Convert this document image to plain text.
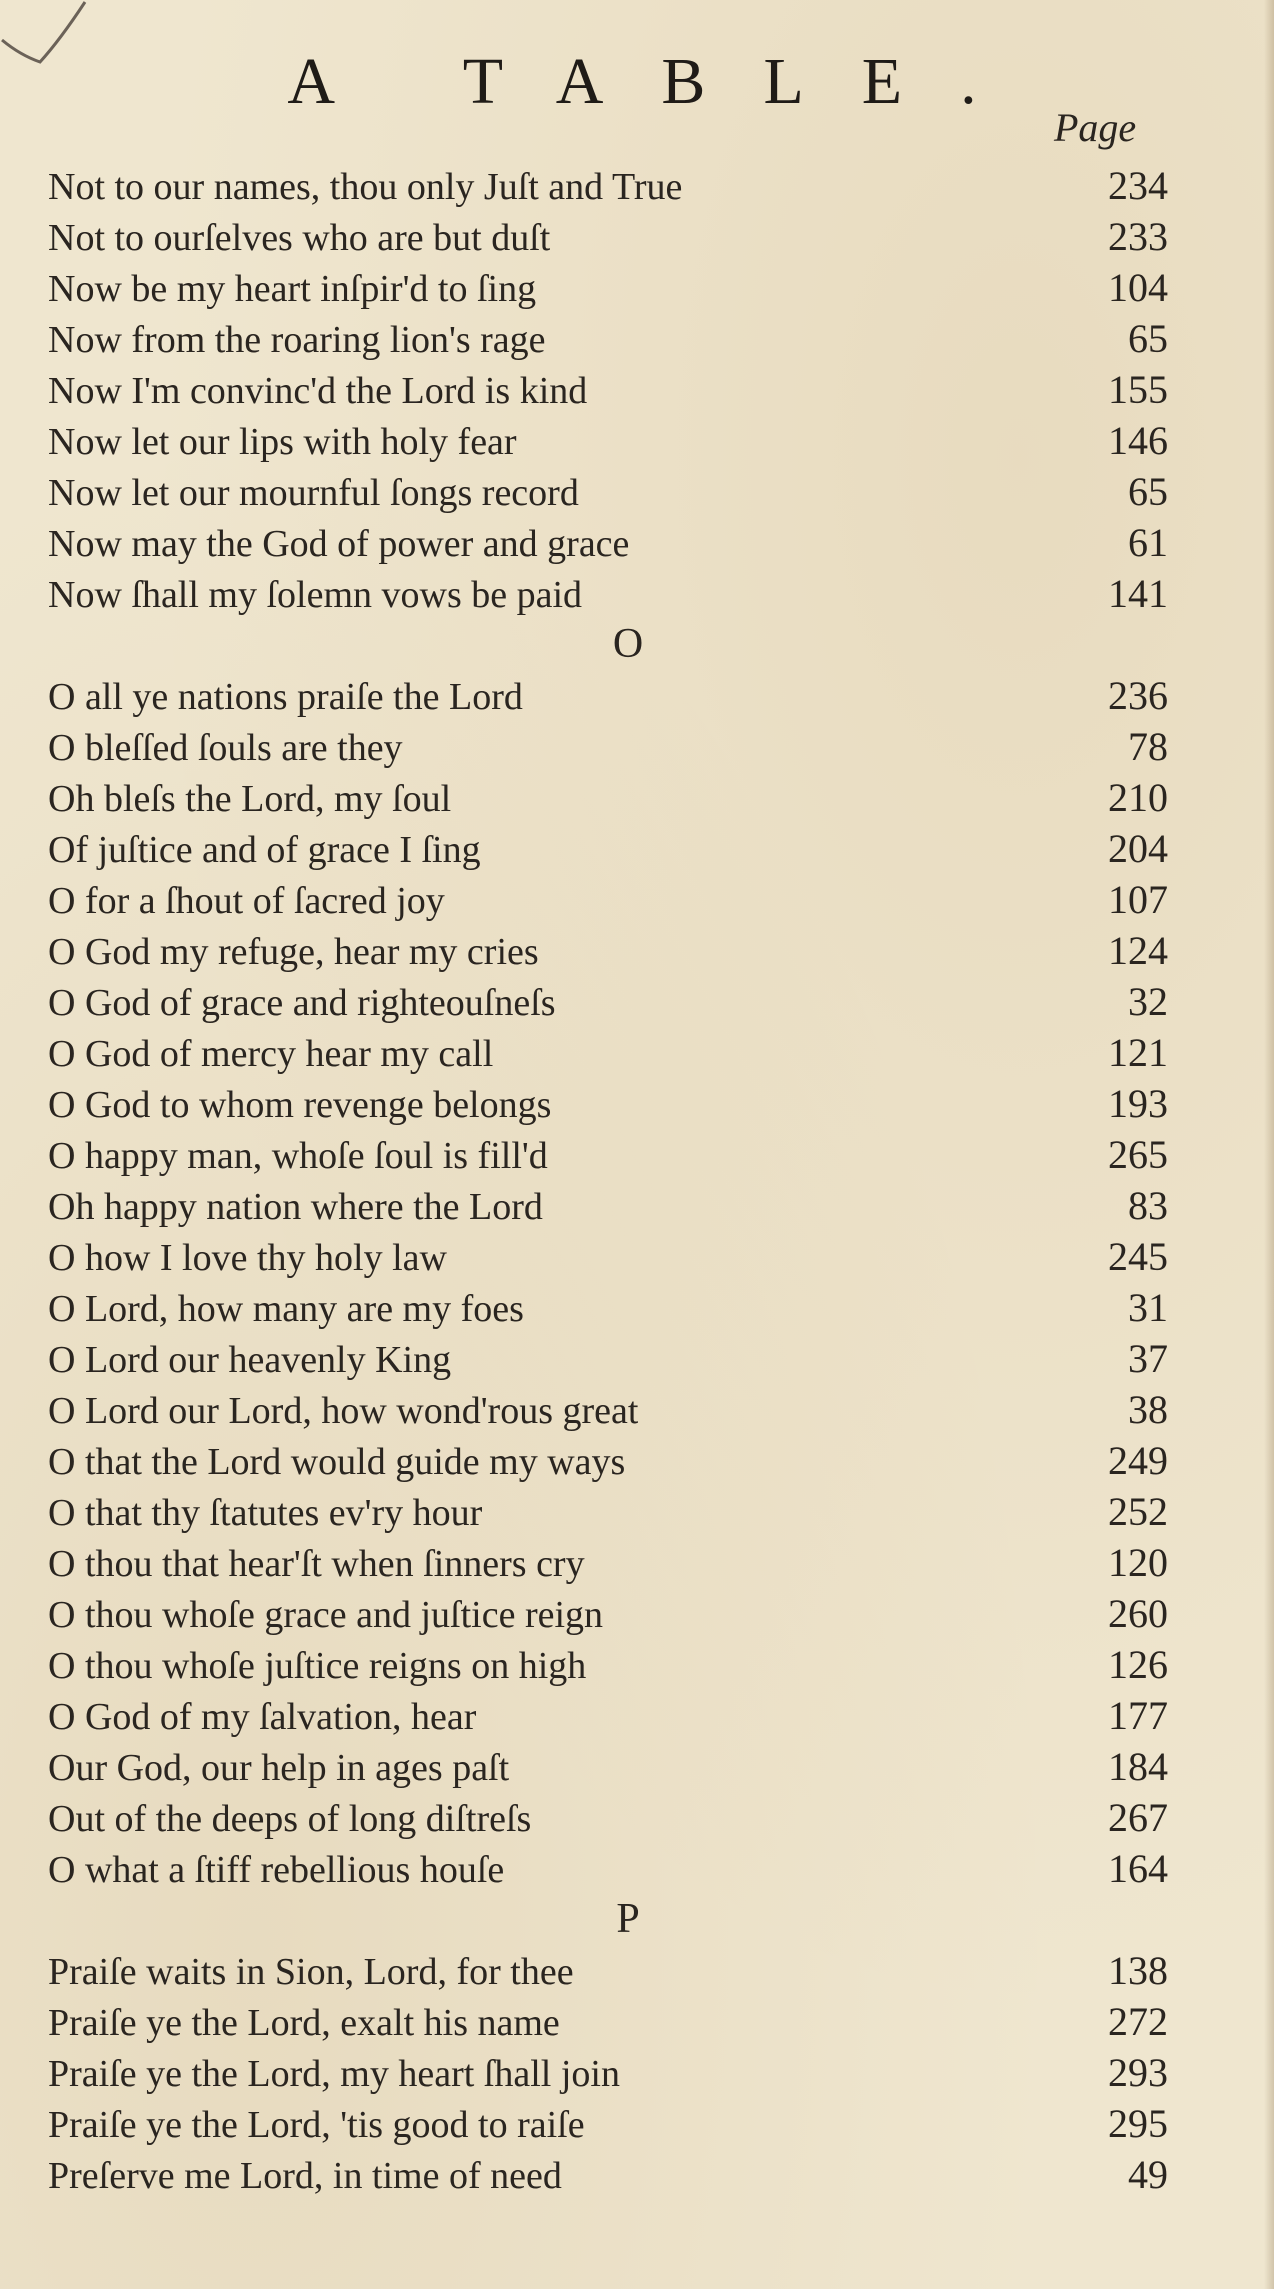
A TABLE.
Page
Not to our names, thou only Juſt and True	234
Not to ourſelves who are but duſt	233
Now be my heart inſpir'd to ſing	104
Now from the roaring lion's rage	65
Now I'm convinc'd the Lord is kind	155
Now let our lips with holy fear	146
Now let our mournful ſongs record	65
Now may the God of power and grace	61
Now ſhall my ſolemn vows be paid	141
O
O all ye nations praiſe the Lord	236
O bleſſed ſouls are they	78
Oh bleſs the Lord, my ſoul	210
Of juſtice and of grace I ſing	204
O for a ſhout of ſacred joy	107
O God my refuge, hear my cries	124
O God of grace and righteouſneſs	32
O God of mercy hear my call	121
O God to whom revenge belongs	193
O happy man, whoſe ſoul is fill'd	265
Oh happy nation where the Lord	83
O how I love thy holy law	245
O Lord, how many are my foes	31
O Lord our heavenly King	37
O Lord our Lord, how wond'rous great	38
O that the Lord would guide my ways	249
O that thy ſtatutes ev'ry hour	252
O thou that hear'ſt when ſinners cry	120
O thou whoſe grace and juſtice reign	260
O thou whoſe juſtice reigns on high	126
O God of my ſalvation, hear	177
Our God, our help in ages paſt	184
Out of the deeps of long diſtreſs	267
O what a ſtiff rebellious houſe	164
P
Praiſe waits in Sion, Lord, for thee	138
Praiſe ye the Lord, exalt his name	272
Praiſe ye the Lord, my heart ſhall join	293
Praiſe ye the Lord, 'tis good to raiſe	295
Preſerve me Lord, in time of need	49
